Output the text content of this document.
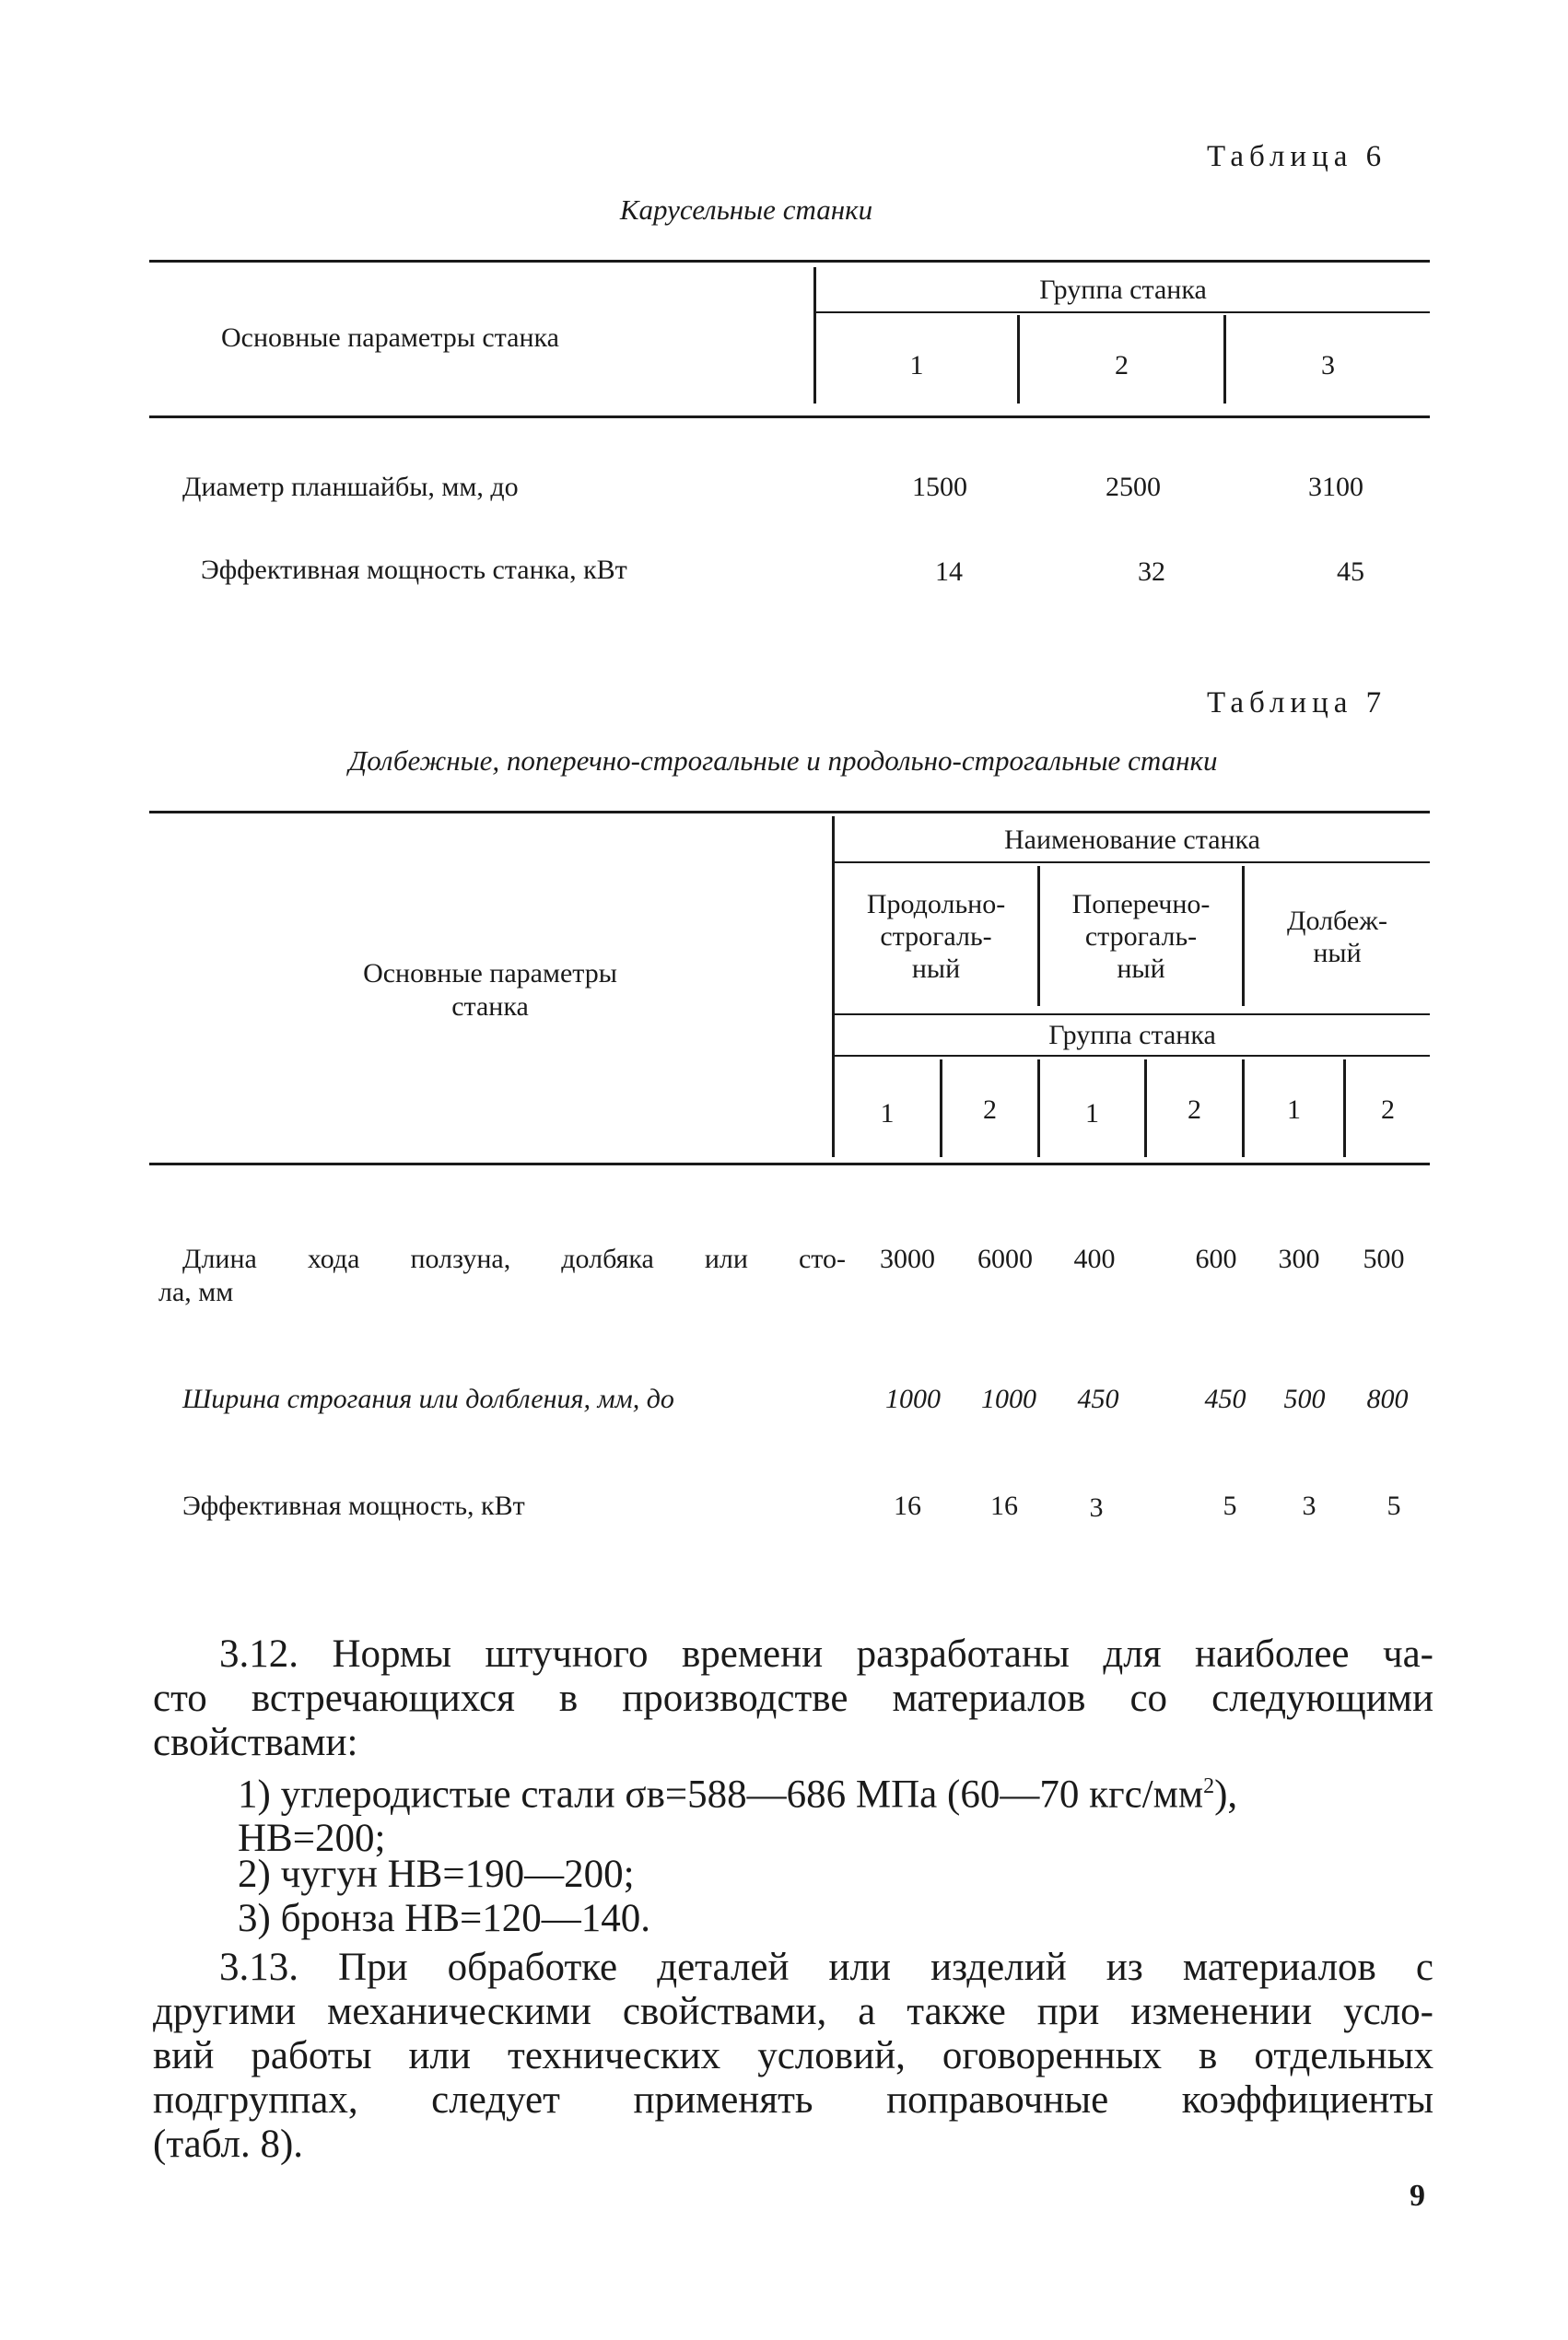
Таблица 6
Карусельные станки
Основные параметры станка
Группа станка
1	2	3
Диаметр планшайбы, мм, до	1500	2500	3100
Эффективная мощность станка, кВт	14	32	45
Таблица 7
Долбежные, поперечно-строгальные и продольно-строгальные станки
Основные параметры
станка
Наименование станка
Продольно-
строгаль-
ный
Поперечно-
строгаль-
ный
Долбеж-
ный
Группа станка
1	2	1	2	1	2
Длина хода ползуна, долбяка или сто-
ла, мм
3000	6000	400	600	300	500
Ширина строгания или долбления, мм, до	1000	1000	450	450	500	800
Эффективная мощность, кВт	16	16	3	5	3	5
3.12. Нормы штучного времени разработаны для наиболее ча-
сто встречающихся в производстве материалов со следующими
свойствами:
1) углеродистые стали σв=588—686 МПа (60—70 кгс/$мм^2$),
HB=200;
2) чугун HB=190—200;
3) бронза HB=120—140.
3.13. При обработке деталей или изделий из материалов с
другими механическими свойствами, а также при изменении усло-
вий работы или технических условий, оговоренных в отдельных
подгруппах, следует применять поправочные коэффициенты
(табл. 8).
9
